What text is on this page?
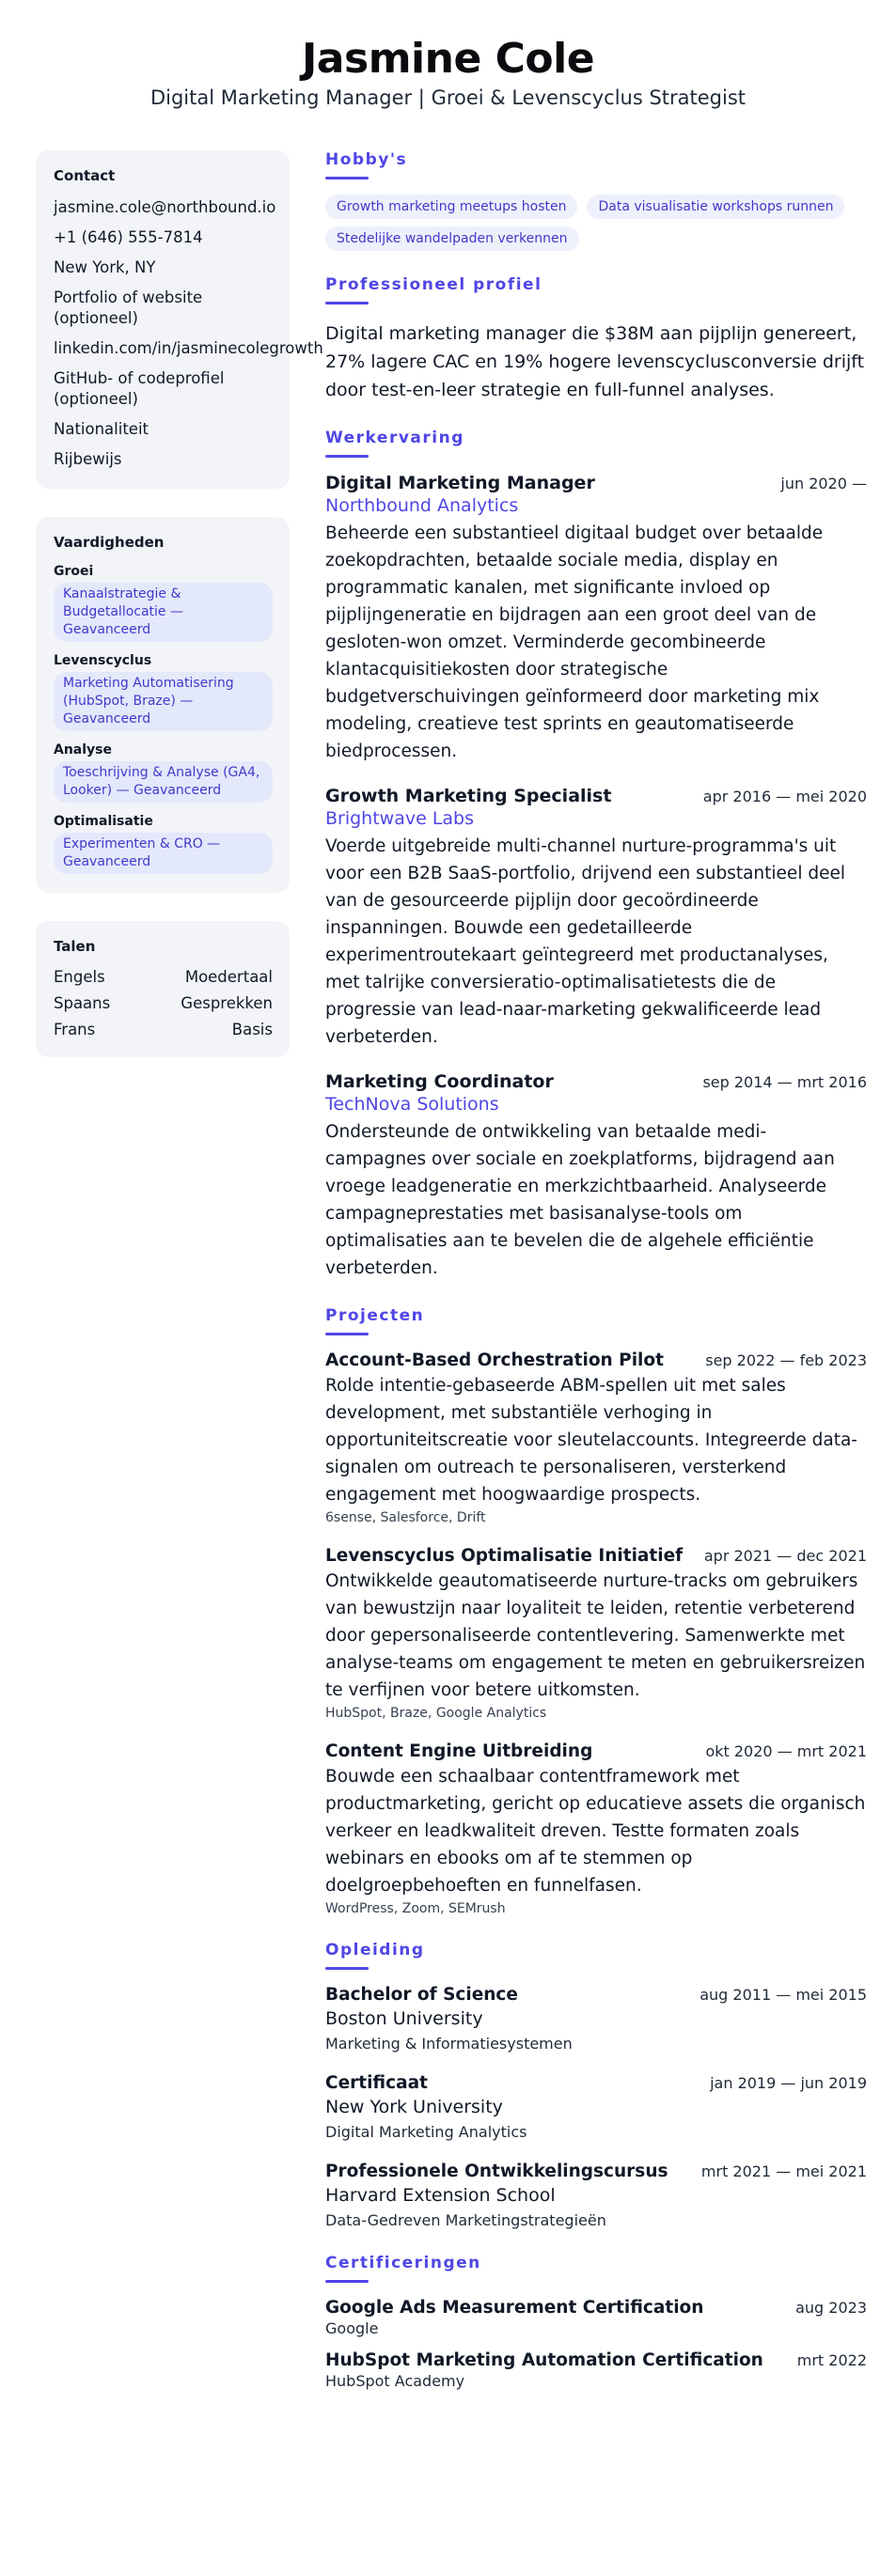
Jasmine Cole
Digital Marketing Manager | Groei & Levenscyclus Strategist
Contact
jasmine.cole@northbound.io
+1 (646) 555-7814
New York, NY
Portfolio of website (optioneel)
linkedin.com/in/jasminecolegrowth
GitHub- of codeprofiel (optioneel)
Nationaliteit
Rijbewijs
Vaardigheden
Groei
Kanaalstrategie & Budgetallocatie — Geavanceerd
Levenscyclus
Marketing Automatisering (HubSpot, Braze) — Geavanceerd
Analyse
Toeschrijving & Analyse (GA4, Looker) — Geavanceerd
Optimalisatie
Experimenten & CRO — Geavanceerd
Talen
Engels	Moedertaal
Spaans	Gesprekken
Frans	Basis
Hobby's
Growth marketing meetups hosten	Data visualisatie workshops runnen
Stedelijke wandelpaden verkennen
Professioneel profiel
Digital marketing manager die $38M aan pijplijn genereert, 27% lagere CAC en 19% hogere levenscyclusconversie drijft door test-en-leer strategie en full-funnel analyses.
Werkervaring
Digital Marketing Manager	jun 2020 —
Northbound Analytics
Beheerde een substantieel digitaal budget over betaalde zoekopdrachten, betaalde sociale media, display en programmatic kanalen, met significante invloed op pijplijngeneratie en bijdragen aan een groot deel van de gesloten-won omzet. Verminderde gecombineerde klantacquisitiekosten door strategische budgetverschuivingen geïnformeerd door marketing mix modeling, creatieve test sprints en geautomatiseerde biedprocessen.
Growth Marketing Specialist	apr 2016 — mei 2020
Brightwave Labs
Voerde uitgebreide multi-channel nurture-programma's uit voor een B2B SaaS-portfolio, drijvend een substantieel deel van de gesourceerde pijplijn door gecoördineerde inspanningen. Bouwde een gedetailleerde experimentroutekaart geïntegreerd met productanalyses, met talrijke conversieratio-optimalisatietests die de progressie van lead-naar-marketing gekwalificeerde lead verbeterden.
Marketing Coordinator	sep 2014 — mrt 2016
TechNova Solutions
Ondersteunde de ontwikkeling van betaalde medi-campagnes over sociale en zoekplatforms, bijdragend aan vroege leadgeneratie en merkzichtbaarheid. Analyseerde campagneprestaties met basisanalyse-tools om optimalisaties aan te bevelen die de algehele efficiëntie verbeterden.
Projecten
Account-Based Orchestration Pilot	sep 2022 — feb 2023
Rolde intentie-gebaseerde ABM-spellen uit met sales development, met substantiële verhoging in opportuniteitscreatie voor sleutelaccounts. Integreerde data-signalen om outreach te personaliseren, versterkend engagement met hoogwaardige prospects.
6sense, Salesforce, Drift
Levenscyclus Optimalisatie Initiatief apr 2021 — dec 2021
Ontwikkelde geautomatiseerde nurture-tracks om gebruikers van bewustzijn naar loyaliteit te leiden, retentie verbeterend door gepersonaliseerde contentlevering. Samenwerkte met analyse-teams om engagement te meten en gebruikersreizen te verfijnen voor betere uitkomsten.
HubSpot, Braze, Google Analytics
Content Engine Uitbreiding	okt 2020 — mrt 2021
Bouwde een schaalbaar contentframework met productmarketing, gericht op educatieve assets die organisch verkeer en leadkwaliteit dreven. Testte formaten zoals webinars en ebooks om af te stemmen op doelgroepbehoeften en funnelfasen.
WordPress, Zoom, SEMrush
Opleiding
Bachelor of Science	aug 2011 — mei 2015
Boston University
Marketing & Informatiesystemen
Certificaat	jan 2019 — jun 2019
New York University
Digital Marketing Analytics
Professionele Ontwikkelingscursus mrt 2021 — mei 2021
Harvard Extension School
Data-Gedreven Marketingstrategieën
Certificeringen
Google Ads Measurement Certification	aug 2023
Google
HubSpot Marketing Automation Certification mrt 2022
HubSpot Academy
